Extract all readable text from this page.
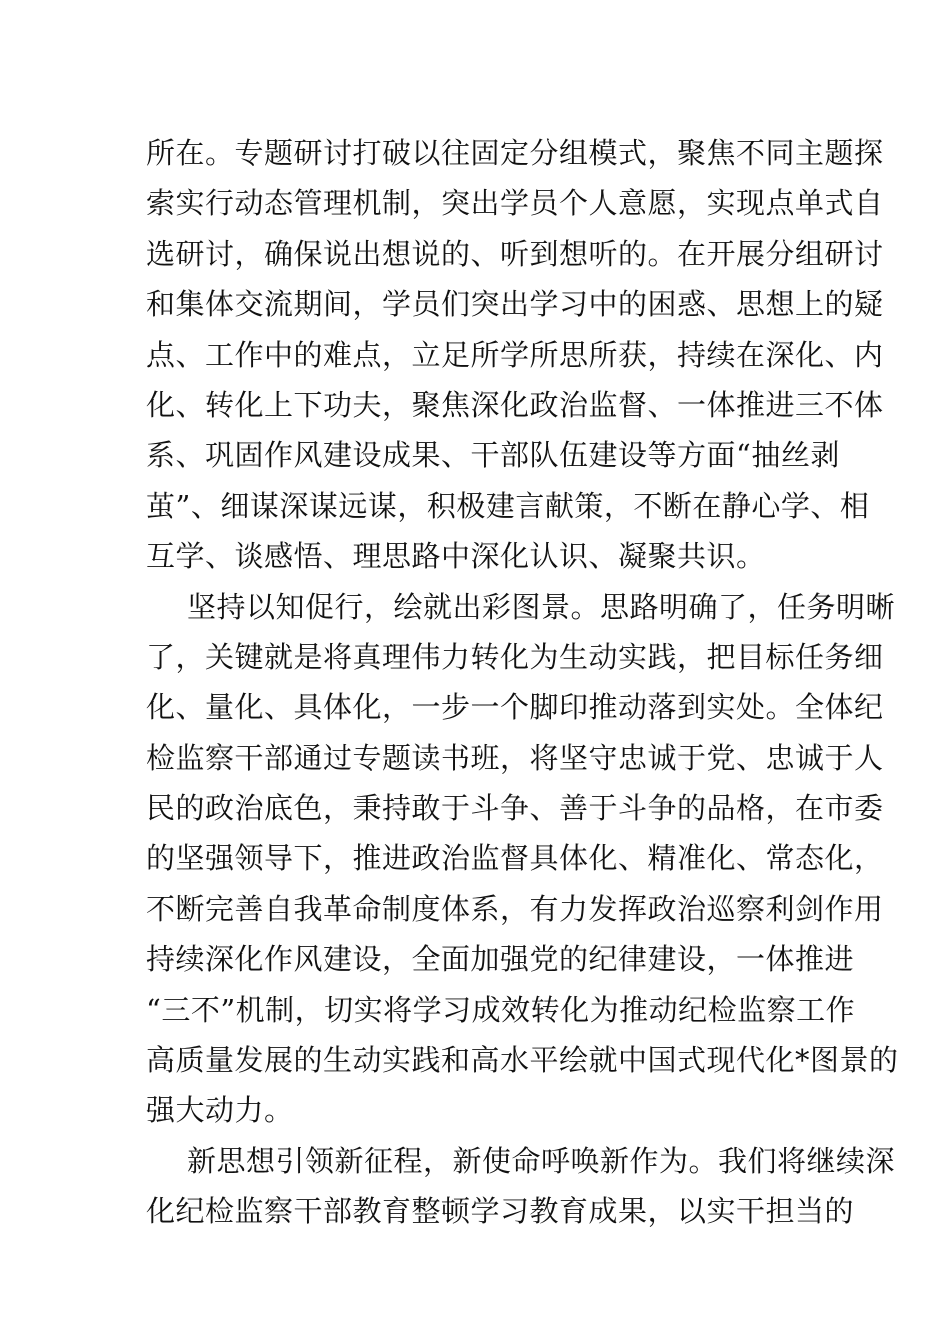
所在。专题研讨打破以往固定分组模式，聚焦不同主题探
索实行动态管理机制，突出学员个人意愿，实现点单式自
选研讨，确保说出想说的、听到想听的。在开展分组研讨
和集体交流期间，学员们突出学习中的困惑、思想上的疑
点、工作中的难点，立足所学所思所获，持续在深化、内
化、转化上下功夫，聚焦深化政治监督、一体推进三不体
系、巩固作风建设成果、干部队伍建设等方面“抽丝剥
茧”、细谋深谋远谋，积极建言献策，不断在静心学、相
互学、谈感悟、理思路中深化认识、凝聚共识。
坚持以知促行，绘就出彩图景。思路明确了，任务明晰
了，关键就是将真理伟力转化为生动实践，把目标任务细
化、量化、具体化，一步一个脚印推动落到实处。全体纪
检监察干部通过专题读书班，将坚守忠诚于党、忠诚于人
民的政治底色，秉持敢于斗争、善于斗争的品格，在市委
的坚强领导下，推进政治监督具体化、精准化、常态化，
不断完善自我革命制度体系，有力发挥政治巡察利剑作用
持续深化作风建设，全面加强党的纪律建设，一体推进
“三不”机制，切实将学习成效转化为推动纪检监察工作
高质量发展的生动实践和高水平绘就中国式现代化*图景的
强大动力。
新思想引领新征程，新使命呼唤新作为。我们将继续深
化纪检监察干部教育整顿学习教育成果，以实干担当的
